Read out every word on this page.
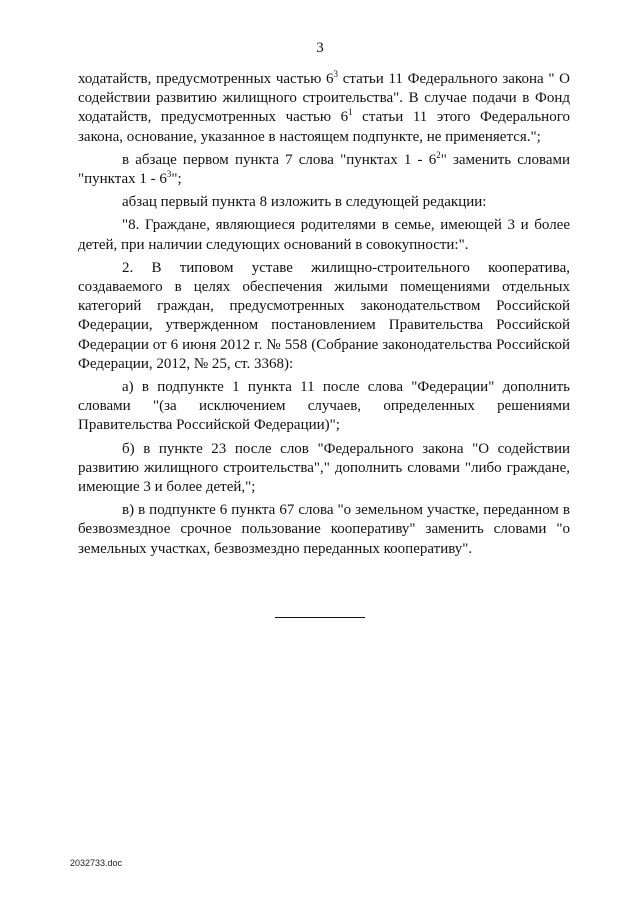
3

ходатайств, предусмотренных частью $6^3$ статьи 11 Федерального закона " О содействии развитию жилищного строительства". В случае подачи в Фонд ходатайств, предусмотренных частью $6^1$ статьи 11 этого Федерального закона, основание, указанное в настоящем подпункте, не применяется.";

в абзаце первом пункта 7 слова "пунктах $1 - 6^2$" заменить словами "пунктах $1 - 6^3$";

абзац первый пункта 8 изложить в следующей редакции:

"8. Граждане, являющиеся родителями в семье, имеющей 3 и более детей, при наличии следующих оснований в совокупности:".

2. В типовом уставе жилищно-строительного кооператива, создаваемого в целях обеспечения жилыми помещениями отдельных категорий граждан, предусмотренных законодательством Российской Федерации, утвержденном постановлением Правительства Российской Федерации от 6 июня 2012 г. № 558 (Собрание законодательства Российской Федерации, 2012, № 25, ст. 3368):

а) в подпункте 1 пункта 11 после слова "Федерации" дополнить словами "(за исключением случаев, определенных решениями Правительства Российской Федерации)";

б) в пункте 23 после слов "Федерального закона "О содействии развитию жилищного строительства"," дополнить словами "либо граждане, имеющие 3 и более детей,";

в) в подпункте 6 пункта 67 слова "о земельном участке, переданном в безвозмездное срочное пользование кооперативу" заменить словами "о земельных участках, безвозмездно переданных кооперативу".

2032733.doc
